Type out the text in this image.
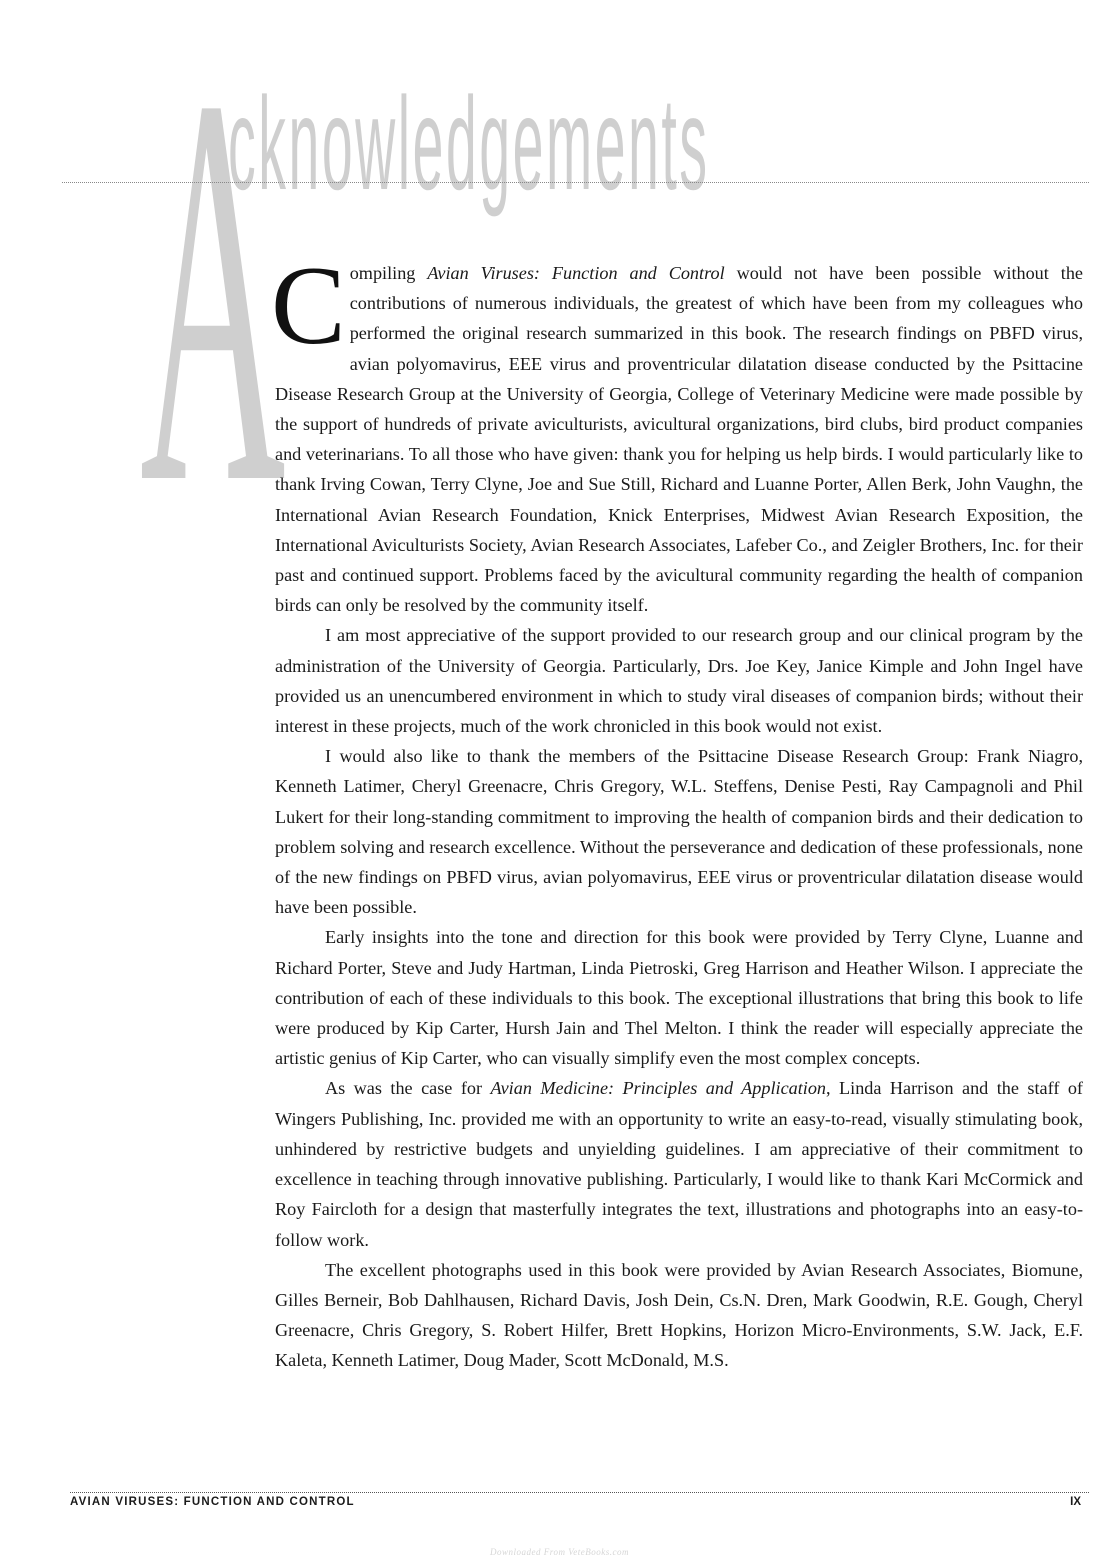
A
cknowledgements

Compiling Avian Viruses: Function and Control would not have been possible without the contributions of numerous individuals, the greatest of which have been from my colleagues who performed the original research summarized in this book. The research findings on PBFD virus, avian polyomavirus, EEE virus and proventricular dilatation disease conducted by the Psittacine Disease Research Group at the University of Georgia, College of Veterinary Medicine were made possible by the support of hundreds of private aviculturists, avicultural organizations, bird clubs, bird product companies and veterinarians. To all those who have given: thank you for helping us help birds. I would particularly like to thank Irving Cowan, Terry Clyne, Joe and Sue Still, Richard and Luanne Porter, Allen Berk, John Vaughn, the International Avian Research Foundation, Knick Enterprises, Midwest Avian Research Exposition, the International Aviculturists Society, Avian Research Associates, Lafeber Co., and Zeigler Brothers, Inc. for their past and continued support. Problems faced by the avicultural community regarding the health of companion birds can only be resolved by the community itself.

I am most appreciative of the support provided to our research group and our clinical program by the administration of the University of Georgia. Particularly, Drs. Joe Key, Janice Kimple and John Ingel have provided us an unencumbered environment in which to study viral diseases of companion birds; without their interest in these projects, much of the work chronicled in this book would not exist.

I would also like to thank the members of the Psittacine Disease Research Group: Frank Niagro, Kenneth Latimer, Cheryl Greenacre, Chris Gregory, W.L. Steffens, Denise Pesti, Ray Campagnoli and Phil Lukert for their long-standing commitment to improving the health of companion birds and their dedication to problem solving and research excellence. Without the perseverance and dedication of these professionals, none of the new findings on PBFD virus, avian polyomavirus, EEE virus or proventricular dilatation disease would have been possible.

Early insights into the tone and direction for this book were provided by Terry Clyne, Luanne and Richard Porter, Steve and Judy Hartman, Linda Pietroski, Greg Harrison and Heather Wilson. I appreciate the contribution of each of these individuals to this book. The exceptional illustrations that bring this book to life were produced by Kip Carter, Hursh Jain and Thel Melton. I think the reader will especially appreciate the artistic genius of Kip Carter, who can visually simplify even the most complex concepts.

As was the case for Avian Medicine: Principles and Application, Linda Harrison and the staff of Wingers Publishing, Inc. provided me with an opportunity to write an easy-to-read, visually stimulating book, unhindered by restrictive budgets and unyielding guidelines. I am appreciative of their commitment to excellence in teaching through innovative publishing. Particularly, I would like to thank Kari McCormick and Roy Faircloth for a design that masterfully integrates the text, illustrations and photographs into an easy-to-follow work.

The excellent photographs used in this book were provided by Avian Research Associates, Biomune, Gilles Berneir, Bob Dahlhausen, Richard Davis, Josh Dein, Cs.N. Dren, Mark Goodwin, R.E. Gough, Cheryl Greenacre, Chris Gregory, S. Robert Hilfer, Brett Hopkins, Horizon Micro-Environments, S.W. Jack, E.F. Kaleta, Kenneth Latimer, Doug Mader, Scott McDonald, M.S.

AVIAN VIRUSES: FUNCTION AND CONTROL	IX
Downloaded From VeteBooks.com
